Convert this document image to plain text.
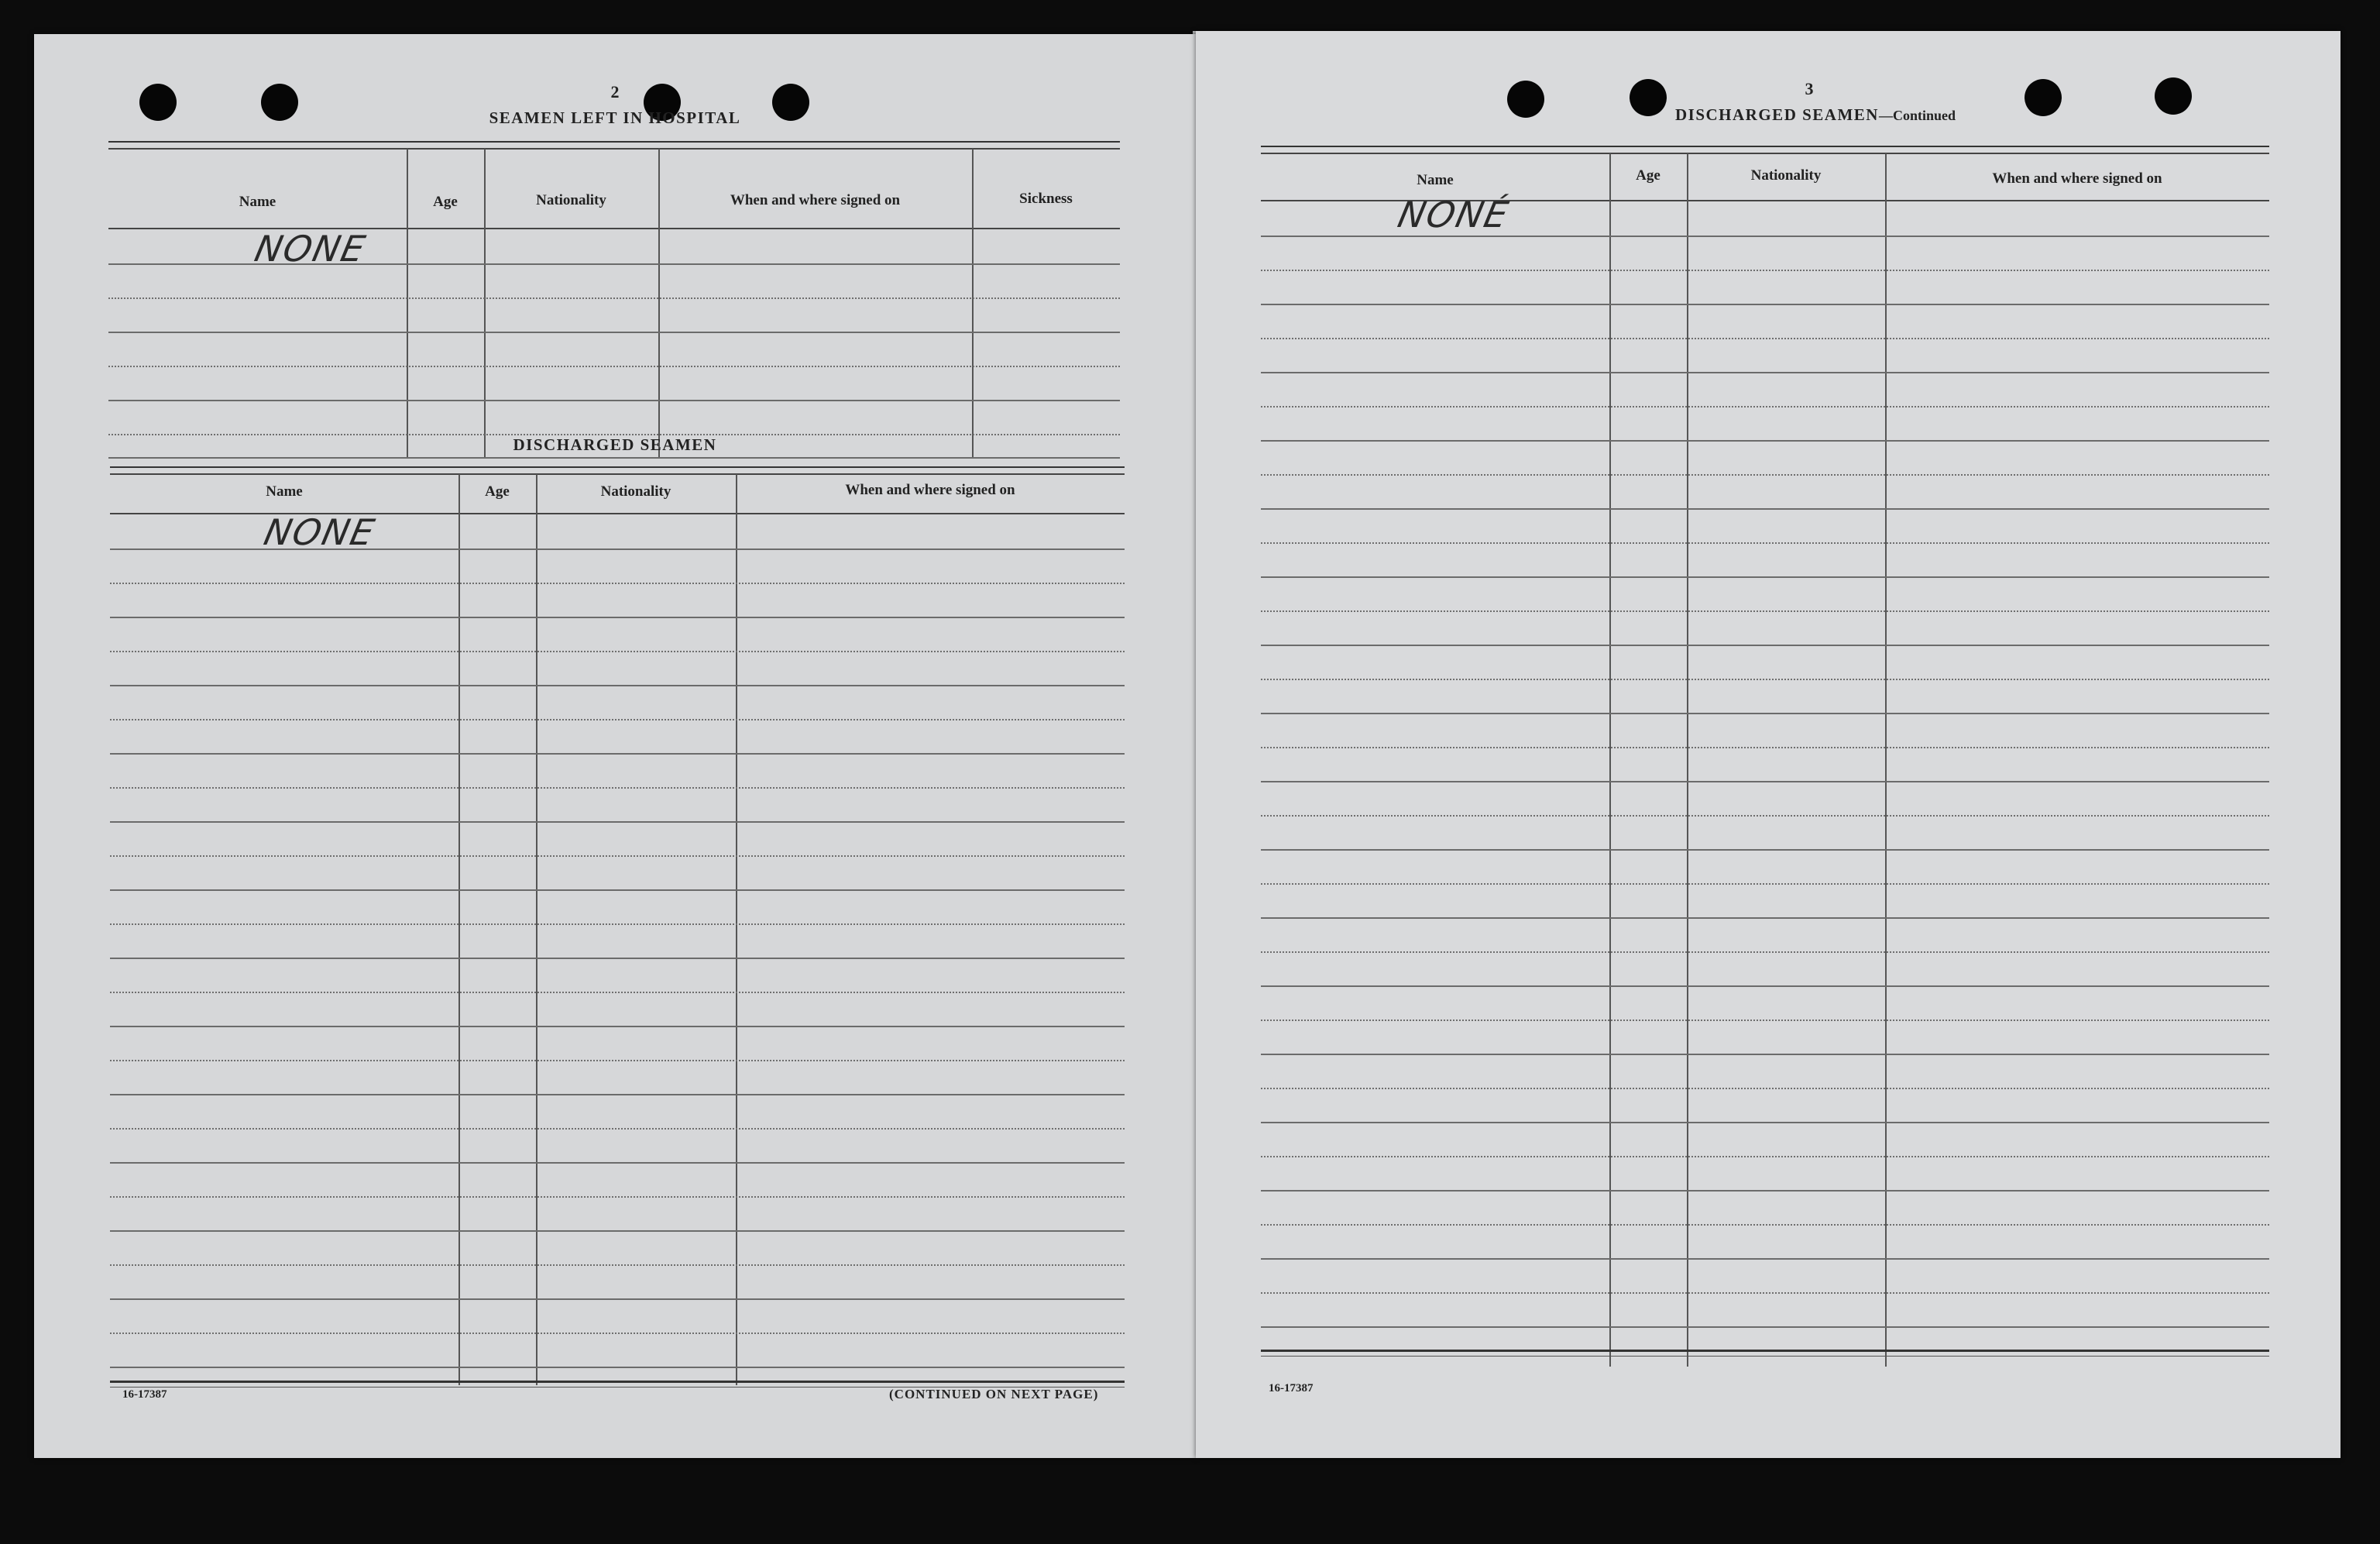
2
SEAMEN LEFT IN HOSPITAL
Name	Age	Nationality	When and where signed on	Sickness
NONE
DISCHARGED SEAMEN
Name	Age	Nationality	When and where signed on
NONE
16-17387	(CONTINUED ON NEXT PAGE)
3
DISCHARGED SEAMEN—Continued
Name	Age	Nationality	When and where signed on
NONÉ
16-17387
